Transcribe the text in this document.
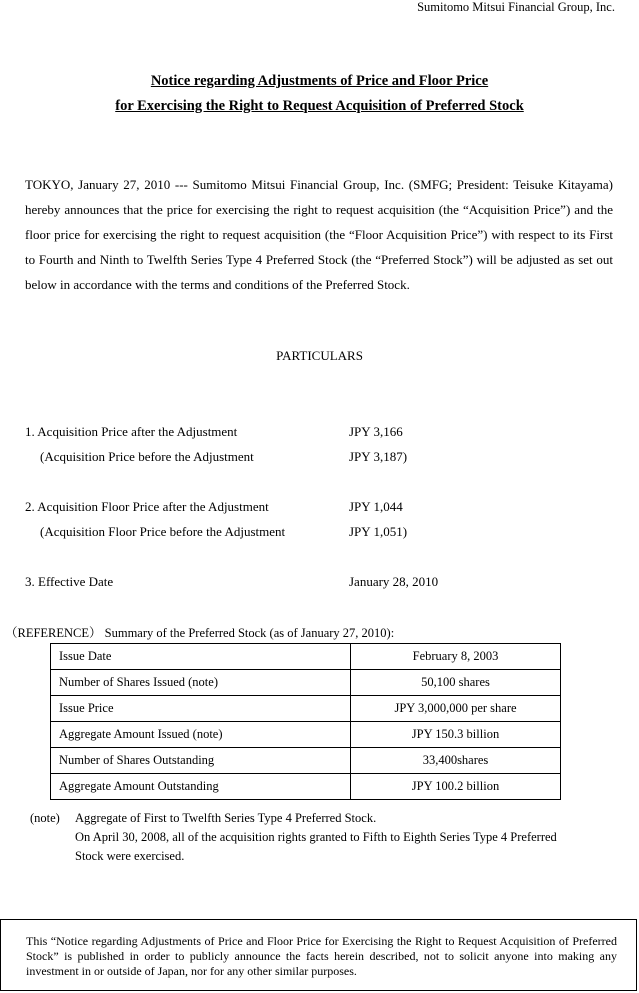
Sumitomo Mitsui Financial Group, Inc.
Notice regarding Adjustments of Price and Floor Price
for Exercising the Right to Request Acquisition of Preferred Stock
TOKYO, January 27, 2010 --- Sumitomo Mitsui Financial Group, Inc. (SMFG; President: Teisuke Kitayama) hereby announces that the price for exercising the right to request acquisition (the “Acquisition Price”) and the floor price for exercising the right to request acquisition (the “Floor Acquisition Price”) with respect to its First to Fourth and Ninth to Twelfth Series Type 4 Preferred Stock (the “Preferred Stock”) will be adjusted as set out below in accordance with the terms and conditions of the Preferred Stock.
PARTICULARS
1. Acquisition Price after the Adjustment	JPY 3,166
(Acquisition Price before the Adjustment	JPY 3,187)
2. Acquisition Floor Price after the Adjustment	JPY 1,044
(Acquisition Floor Price before the Adjustment	JPY 1,051)
3. Effective Date	January 28, 2010
（REFERENCE） Summary of the Preferred Stock (as of January 27, 2010):
Issue Date	February 8, 2003
Number of Shares Issued (note)	50,100 shares
Issue Price	JPY 3,000,000 per share
Aggregate Amount Issued (note)	JPY 150.3 billion
Number of Shares Outstanding	33,400shares
Aggregate Amount Outstanding	JPY 100.2 billion
(note) Aggregate of First to Twelfth Series Type 4 Preferred Stock.
On April 30, 2008, all of the acquisition rights granted to Fifth to Eighth Series Type 4 Preferred
Stock were exercised.
This “Notice regarding Adjustments of Price and Floor Price for Exercising the Right to Request Acquisition of Preferred Stock” is published in order to publicly announce the facts herein described, not to solicit anyone into making any investment in or outside of Japan, nor for any other similar purposes.
